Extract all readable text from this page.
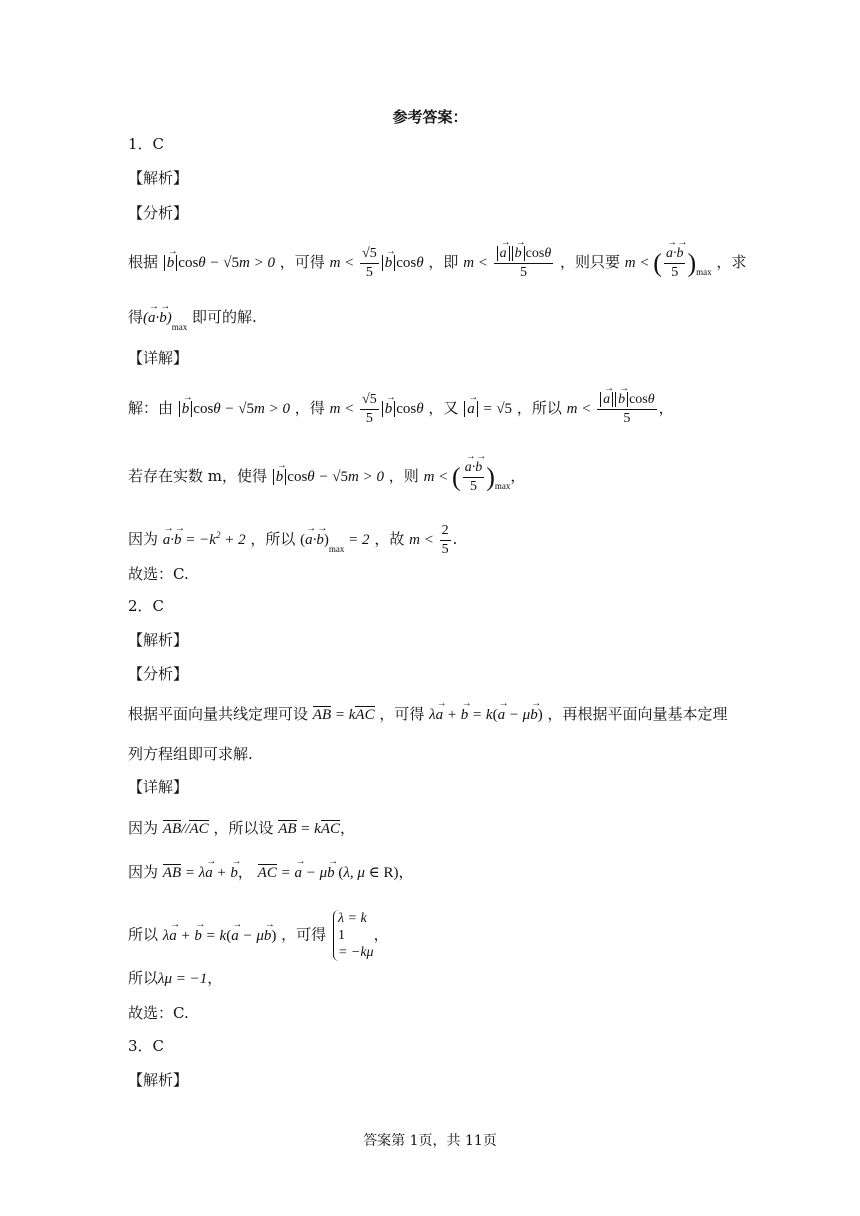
参考答案：
1．C
【解析】
【分析】
根据 → b cosθ − √5m > 0 ，可得 $m < \frac{√5}{5}$
→ b cosθ ，即 m <
→ $\frac{\text{a→ b cosθ}}{5}$ ，则只要 m < (
→ $\frac{a\cdot\to b}{5} )_{max}$ ，求
得(→ $a\cdot\to b)_{max}$ 即可的解.
【详解】
解：由 → b cosθ − √5m > 0 ，得 $m < \frac{√5}{5}$
→ b cosθ ，又 → a = √5 ，所以 m <
→ $\frac{\text{a→ b cosθ}}{5}$ ，
若存在实数 m，使得 → b cosθ − √5m > 0 ，则 m < (
→ $\frac{a\cdot\to b}{5} )_{max}$，
因为 → $a\cdot\to b = -k^2 + 2$ ，所以 (→ $a\cdot\to b)_{max} = 2$ ，故 $m < \frac{2}{5}$ .
故选：C.
2．C
【解析】
【分析】
根据平面向量共线定理可设 AB = kAC ，可得 λ→ a + → b = k(→ a − μ→ b) ，再根据平面向量基本定理
列方程组即可求解.
【详解】
因为 AB//AC ，所以设 AB = kAC，
因为 AB = λ→ a + → b， AC = → a − μ→ b (λ, μ ∈ R)，
所以 λ→ a + → b = k(→ a − μ→ b) ，可得
λ = k
1
= −kμ
，
所以λμ = −1，
故选：C.
3．C
【解析】
答案第 1页，共 11页
